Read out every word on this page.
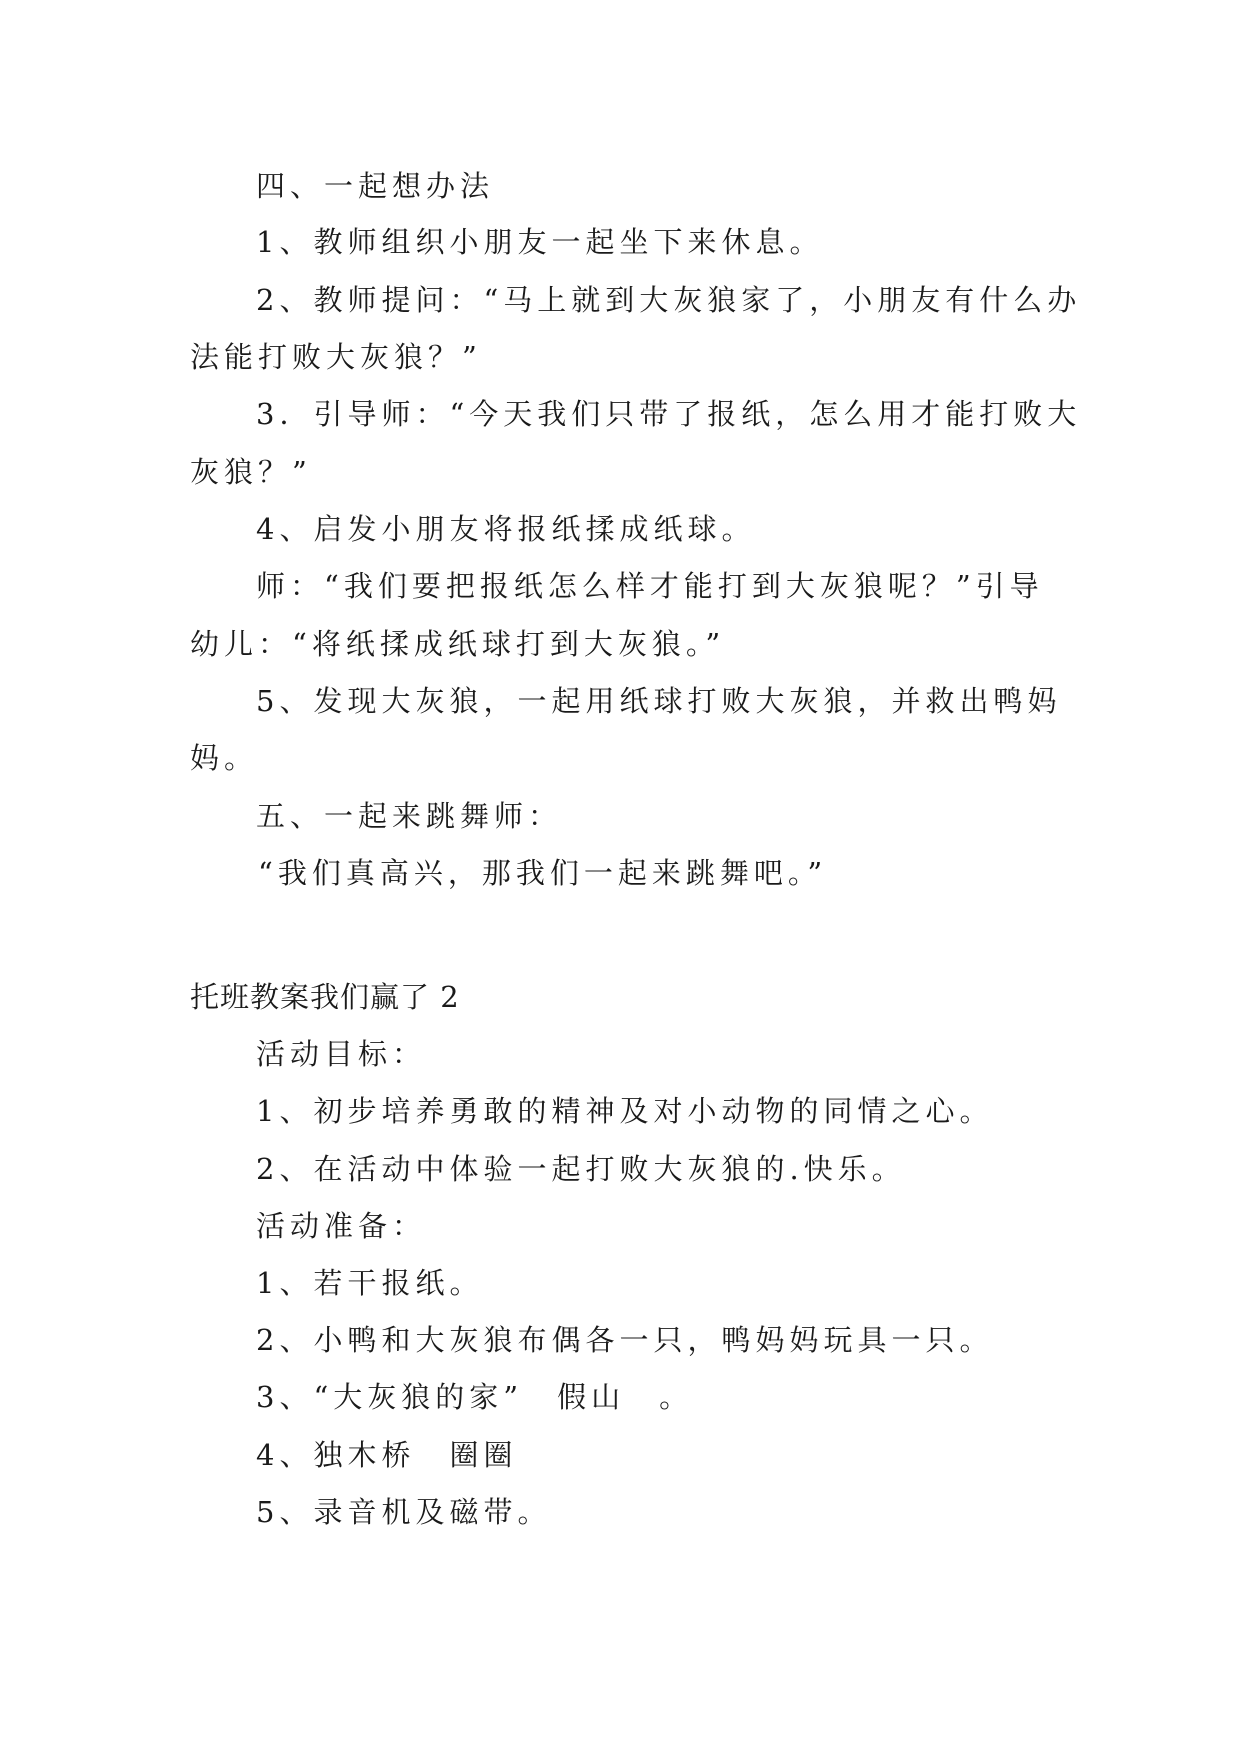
四、一起想办法
1、教师组织小朋友一起坐下来休息。
2、教师提问：“马上就到大灰狼家了，小朋友有什么办
法能打败大灰狼？”
3．引导师：“今天我们只带了报纸，怎么用才能打败大
灰狼？”
4、启发小朋友将报纸揉成纸球。
师：“我们要把报纸怎么样才能打到大灰狼呢？”引导
幼儿：“将纸揉成纸球打到大灰狼。”
5、发现大灰狼，一起用纸球打败大灰狼，并救出鸭妈
妈。
五、一起来跳舞师：
“我们真高兴，那我们一起来跳舞吧。”
托班教案我们赢了 2
活动目标：
1、初步培养勇敢的精神及对小动物的同情之心。
2、在活动中体验一起打败大灰狼的.快乐。
活动准备：
1、若干报纸。
2、小鸭和大灰狼布偶各一只，鸭妈妈玩具一只。
3、“大灰狼的家”　假山　。
4、独木桥　圈圈
5、录音机及磁带。
